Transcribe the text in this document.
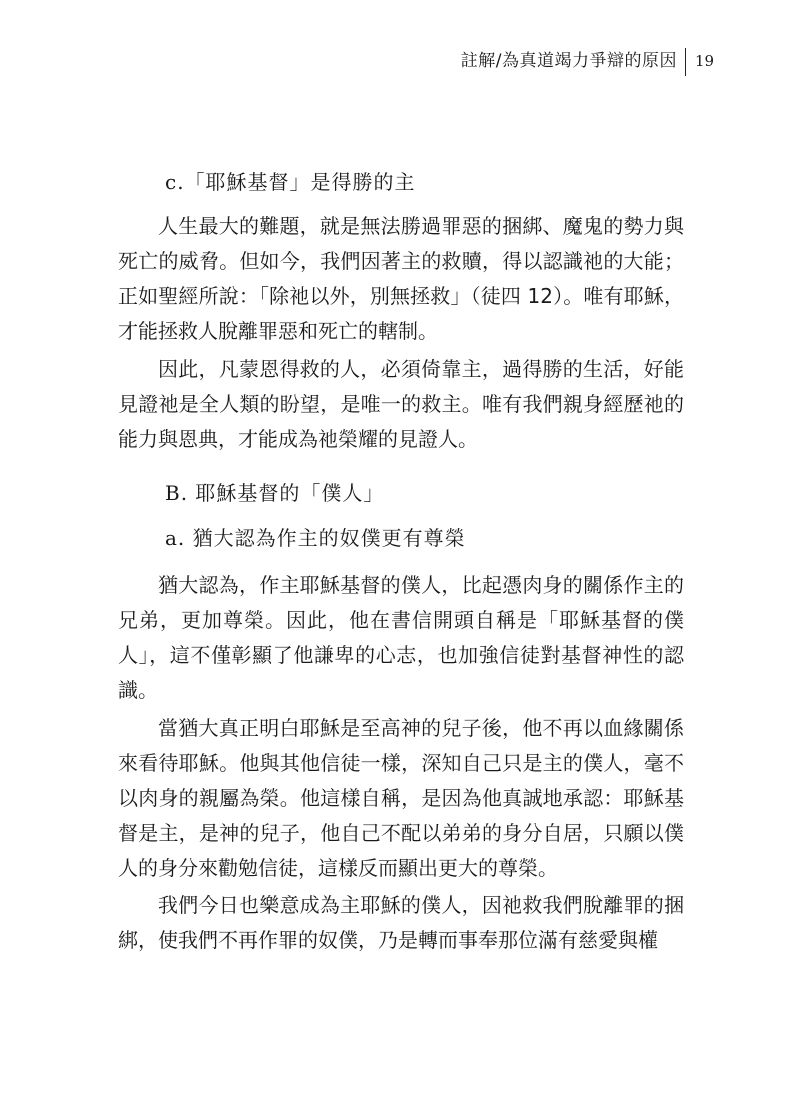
註解/為真道竭力爭辯的原因 19
c.「耶穌基督」是得勝的主

人生最大的難題，就是無法勝過罪惡的捆綁、魔鬼的勢力與死亡的威脅。但如今，我們因著主的救贖，得以認識祂的大能；正如聖經所說：「除祂以外，別無拯救」（徒四 12）。唯有耶穌，才能拯救人脫離罪惡和死亡的轄制。

因此，凡蒙恩得救的人，必須倚靠主，過得勝的生活，好能見證祂是全人類的盼望，是唯一的救主。唯有我們親身經歷祂的能力與恩典，才能成為祂榮耀的見證人。

B. 耶穌基督的「僕人」
a. 猶大認為作主的奴僕更有尊榮

猶大認為，作主耶穌基督的僕人，比起憑肉身的關係作主的兄弟，更加尊榮。因此，他在書信開頭自稱是「耶穌基督的僕人」，這不僅彰顯了他謙卑的心志，也加強信徒對基督神性的認識。

當猶大真正明白耶穌是至高神的兒子後，他不再以血緣關係來看待耶穌。他與其他信徒一樣，深知自己只是主的僕人，毫不以肉身的親屬為榮。他這樣自稱，是因為他真誠地承認：耶穌基督是主，是神的兒子，他自己不配以弟弟的身分自居，只願以僕人的身分來勸勉信徒，這樣反而顯出更大的尊榮。

我們今日也樂意成為主耶穌的僕人，因祂救我們脫離罪的捆綁，使我們不再作罪的奴僕，乃是轉而事奉那位滿有慈愛與權
